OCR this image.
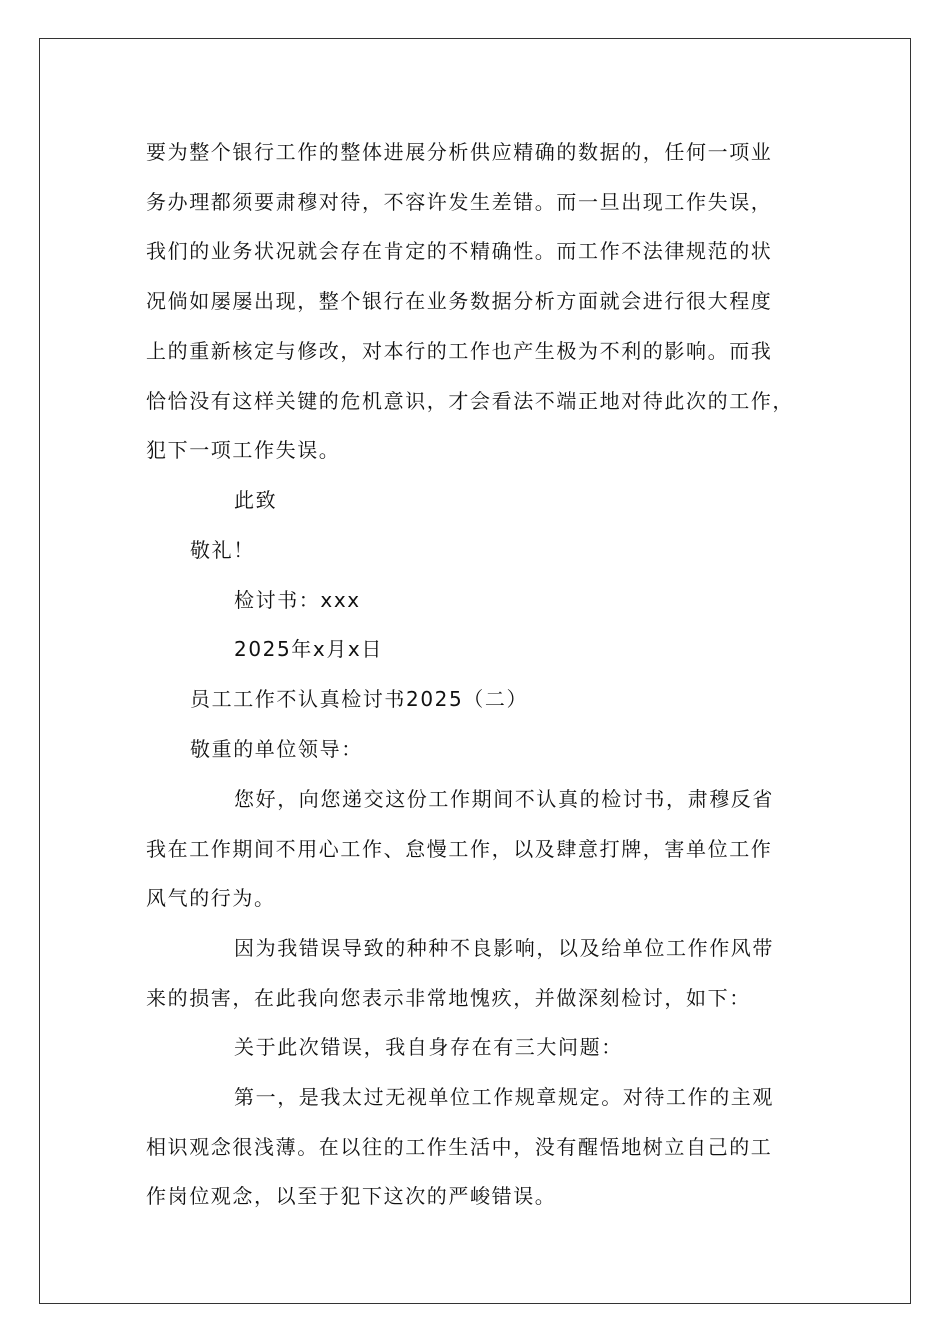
要为整个银行工作的整体进展分析供应精确的数据的，任何一项业
务办理都须要肃穆对待，不容许发生差错。而一旦出现工作失误，
我们的业务状况就会存在肯定的不精确性。而工作不法律规范的状
况倘如屡屡出现，整个银行在业务数据分析方面就会进行很大程度
上的重新核定与修改，对本行的工作也产生极为不利的影响。而我
恰恰没有这样关键的危机意识，才会看法不端正地对待此次的工作，
犯下一项工作失误。
此致
敬礼！
检讨书：xxx
2025年x月x日
员工工作不认真检讨书2025（二）
敬重的单位领导：
您好，向您递交这份工作期间不认真的检讨书，肃穆反省
我在工作期间不用心工作、怠慢工作，以及肆意打牌，害单位工作
风气的行为。
因为我错误导致的种种不良影响，以及给单位工作作风带
来的损害，在此我向您表示非常地愧疚，并做深刻检讨，如下：
关于此次错误，我自身存在有三大问题：
第一，是我太过无视单位工作规章规定。对待工作的主观
相识观念很浅薄。在以往的工作生活中，没有醒悟地树立自己的工
作岗位观念，以至于犯下这次的严峻错误。
